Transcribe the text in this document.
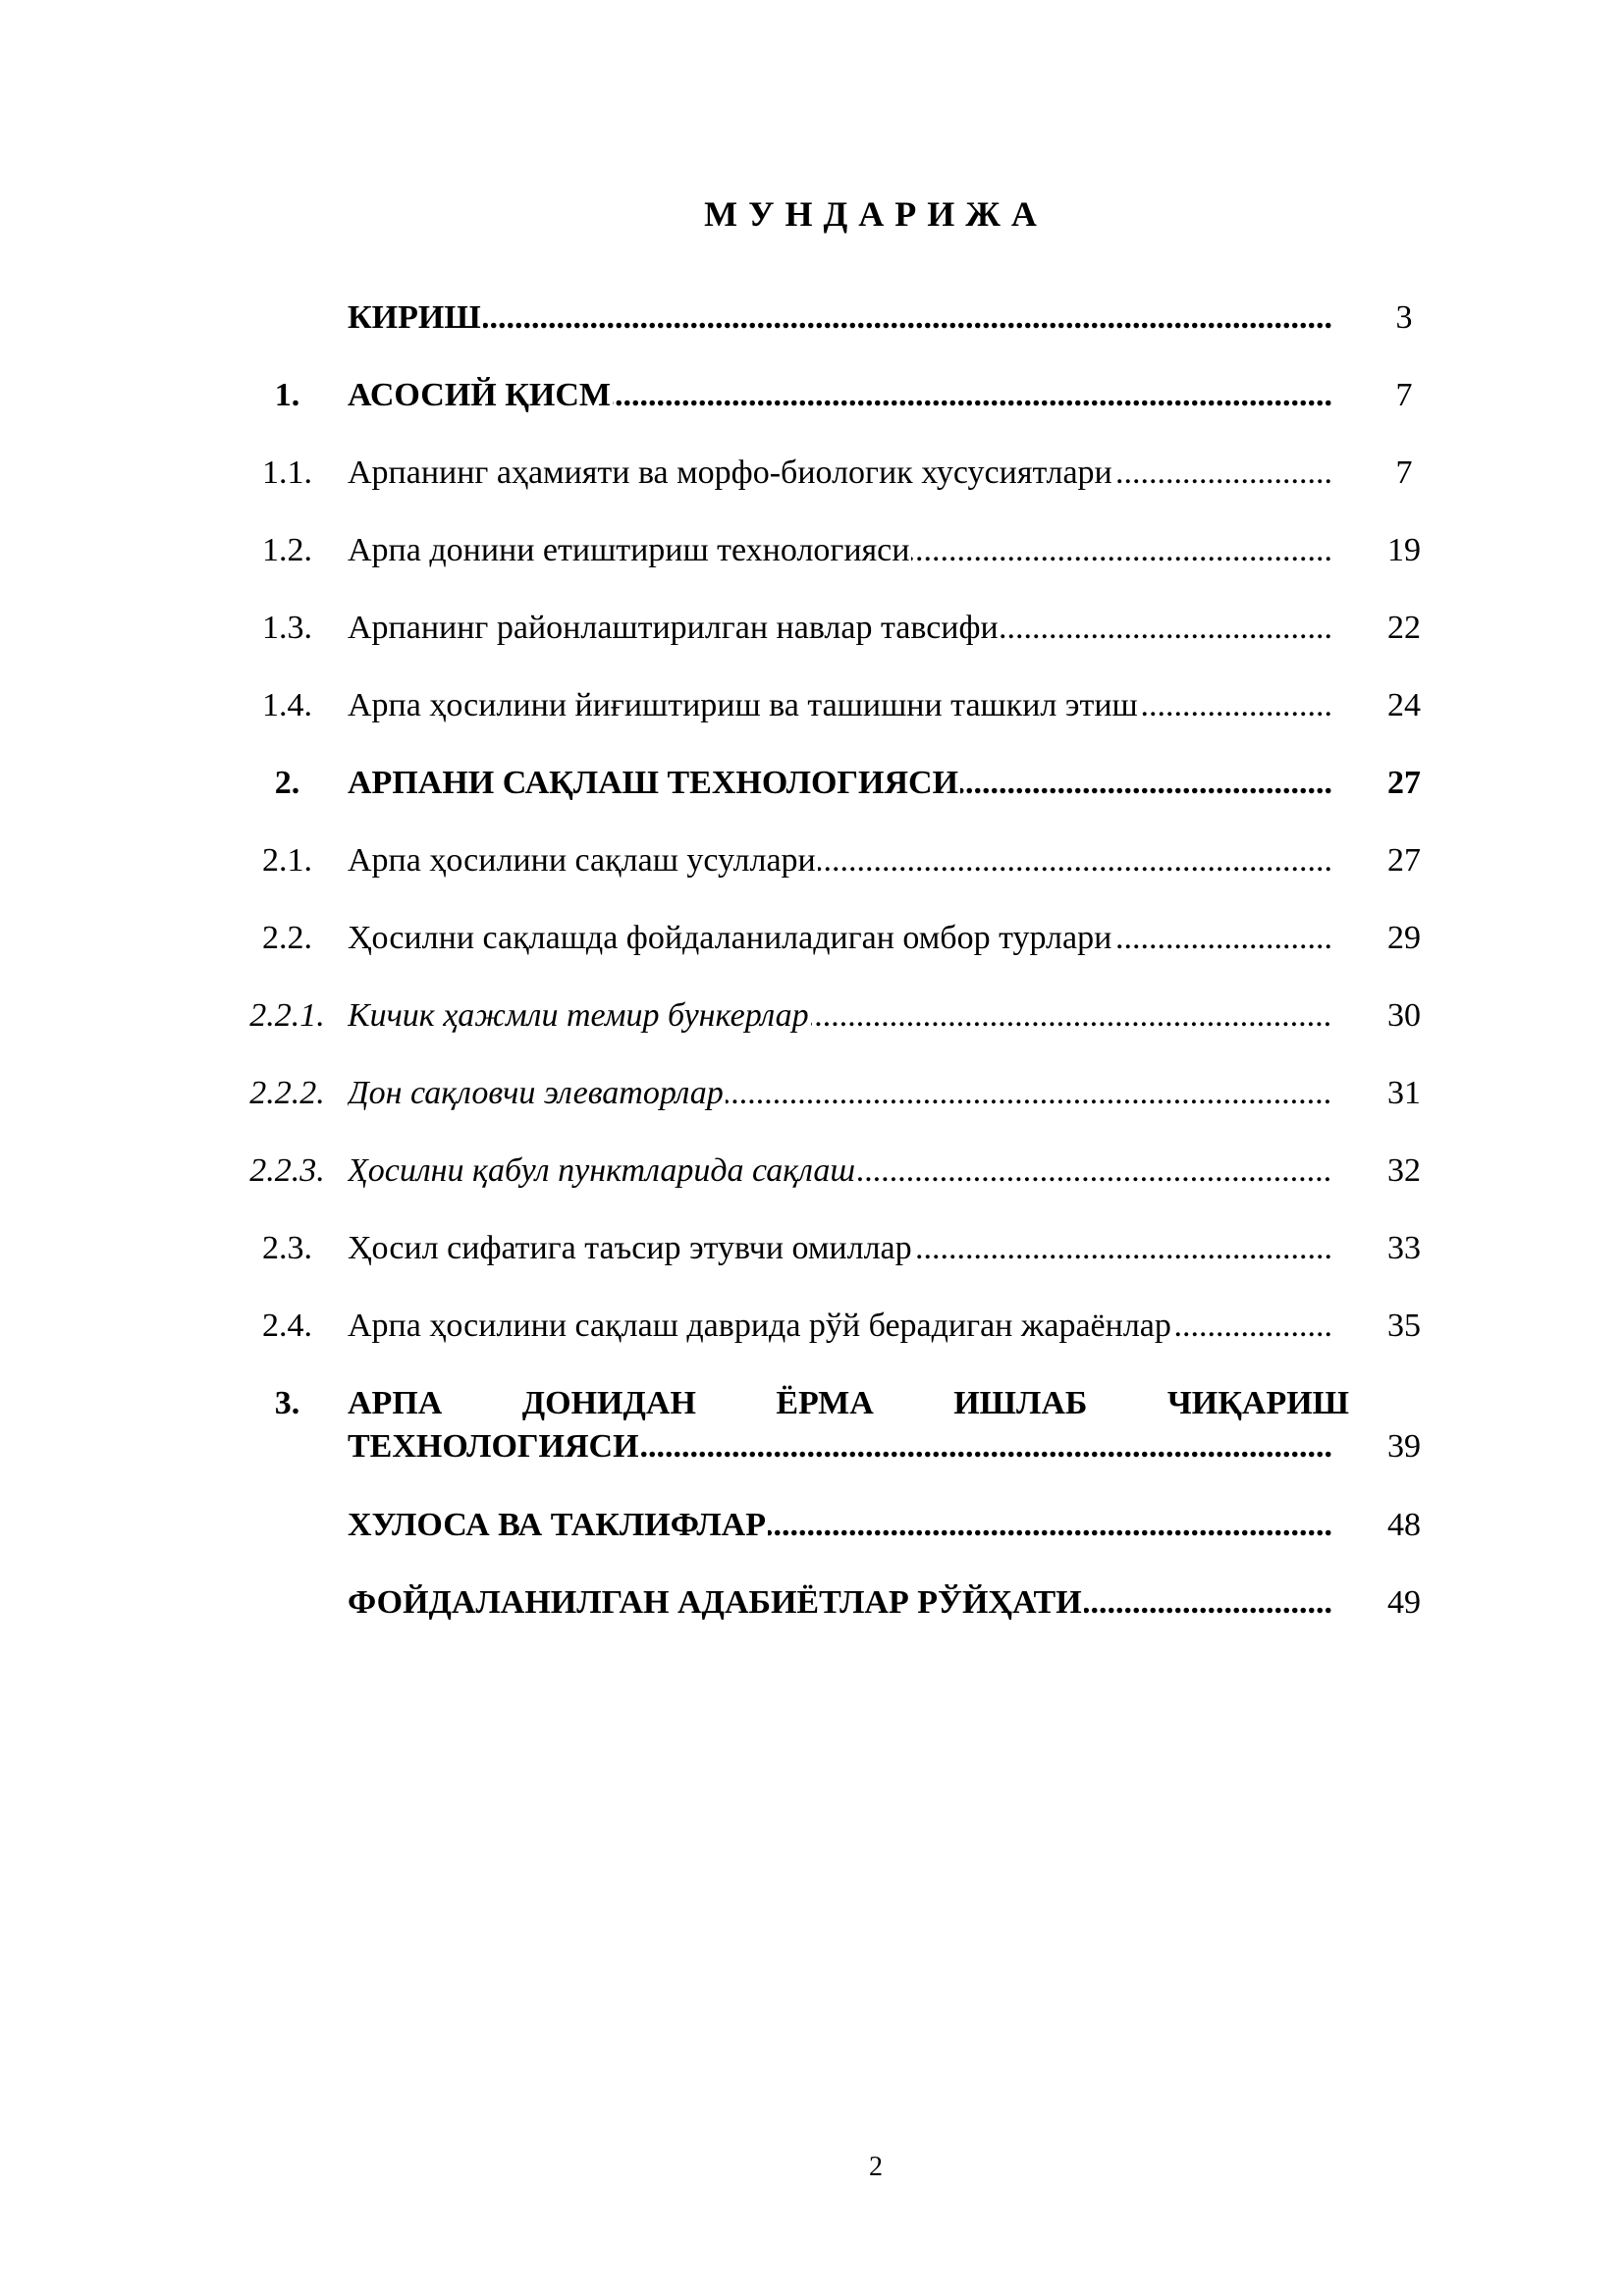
МУНДАРИЖА
КИРИШ .....	3
1.	АСОСИЙ ҚИСМ .....	7
1.1.	Арпанинг аҳамияти ва морфо-биологик хусусиятлари .....	7
1.2.	Арпа донини етиштириш технологияси .....	19
1.3.	Арпанинг районлаштирилган навлар тавсифи .....	22
1.4.	Арпа ҳосилини йиғиштириш ва ташишни ташкил этиш .....	24
2.	АРПАНИ САҚЛАШ ТЕХНОЛОГИЯСИ .....	27
2.1.	Арпа ҳосилини сақлаш усуллари .....	27
2.2.	Ҳосилни сақлашда фойдаланиладиган омбор турлари .....	29
2.2.1. Кичик ҳажмли темир бункерлар .....	30
2.2.2. Дон сақловчи элеваторлар .....	31
2.2.3. Ҳосилни қабул пунктларида сақлаш .....	32
2.3.	Ҳосил сифатига таъсир этувчи омиллар .....	33
2.4.	Арпа ҳосилини сақлаш даврида рўй берадиган жараёнлар .....	35
3.	АРПА ДОНИДАН ЁРМА ИШЛАБ ЧИҚАРИШ
ТЕХНОЛОГИЯСИ .....	39
ХУЛОСА ВА ТАКЛИФЛАР .....	48
ФОЙДАЛАНИЛГАН АДАБИЁТЛАР РЎЙҲАТИ .....	49
2
